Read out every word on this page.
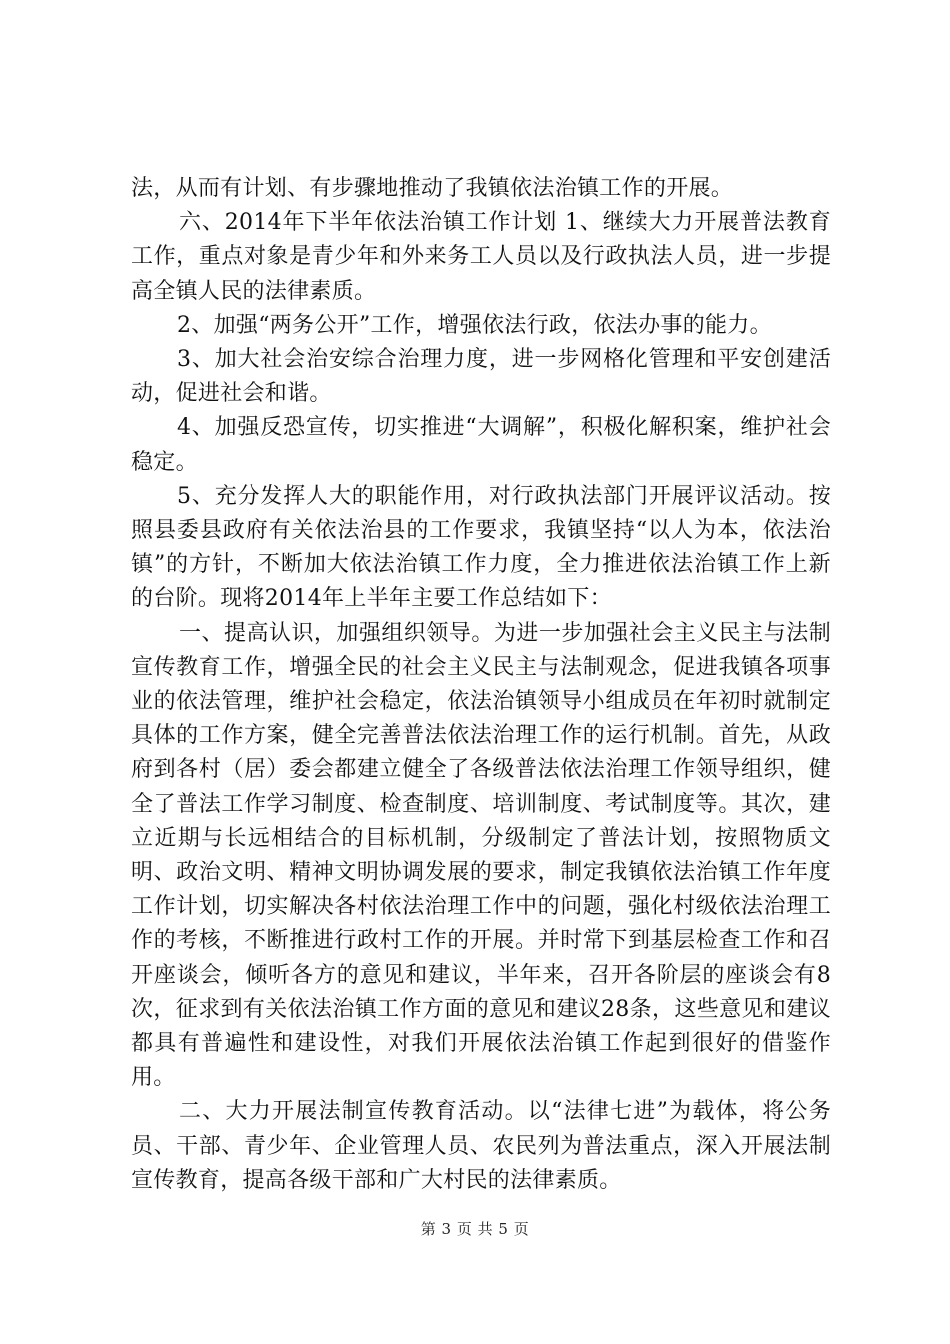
法，从而有计划、有步骤地推动了我镇依法治镇工作的开展。

六、2014年下半年依法治镇工作计划 1、继续大力开展普法教育工作，重点对象是青少年和外来务工人员以及行政执法人员，进一步提高全镇人民的法律素质。

2、加强“两务公开”工作，增强依法行政，依法办事的能力。

3、加大社会治安综合治理力度，进一步网格化管理和平安创建活动，促进社会和谐。

4、加强反恐宣传，切实推进“大调解”，积极化解积案，维护社会稳定。

5、充分发挥人大的职能作用，对行政执法部门开展评议活动。按照县委县政府有关依法治县的工作要求，我镇坚持“以人为本，依法治镇”的方针，不断加大依法治镇工作力度，全力推进依法治镇工作上新的台阶。现将2014年上半年主要工作总结如下：

一、提高认识，加强组织领导。为进一步加强社会主义民主与法制宣传教育工作，增强全民的社会主义民主与法制观念，促进我镇各项事业的依法管理，维护社会稳定，依法治镇领导小组成员在年初时就制定具体的工作方案，健全完善普法依法治理工作的运行机制。首先，从政府到各村（居）委会都建立健全了各级普法依法治理工作领导组织，健全了普法工作学习制度、检查制度、培训制度、考试制度等。其次，建立近期与长远相结合的目标机制，分级制定了普法计划，按照物质文明、政治文明、精神文明协调发展的要求，制定我镇依法治镇工作年度工作计划，切实解决各村依法治理工作中的问题，强化村级依法治理工作的考核，不断推进行政村工作的开展。并时常下到基层检查工作和召开座谈会，倾听各方的意见和建议，半年来，召开各阶层的座谈会有8次，征求到有关依法治镇工作方面的意见和建议28条，这些意见和建议都具有普遍性和建设性，对我们开展依法治镇工作起到很好的借鉴作用。

二、大力开展法制宣传教育活动。以“法律七进”为载体，将公务员、干部、青少年、企业管理人员、农民列为普法重点，深入开展法制宣传教育，提高各级干部和广大村民的法律素质。

第 3 页 共 5 页
